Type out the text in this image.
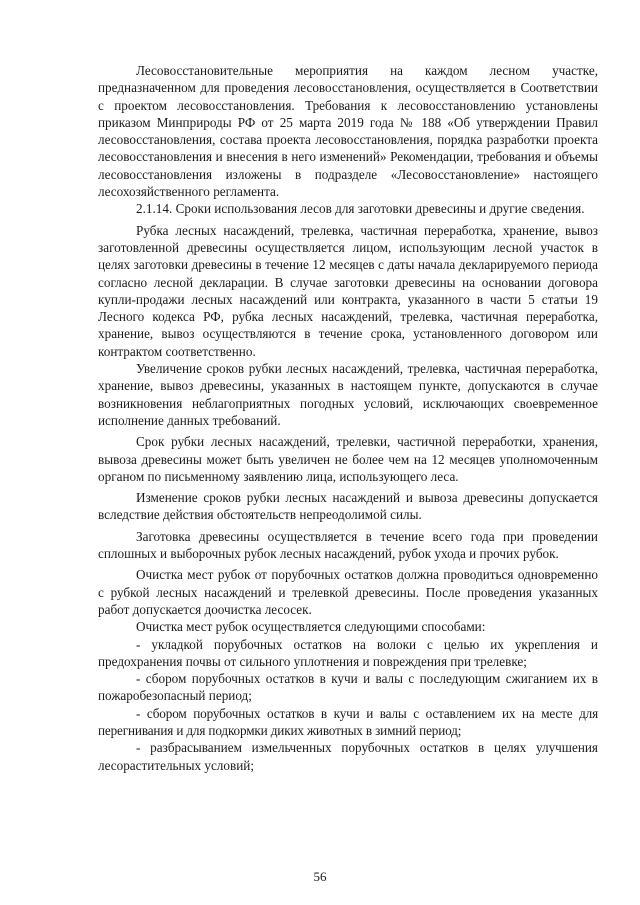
Лесовосстановительные мероприятия на каждом лесном участке, предназначенном для проведения лесовосстановления, осуществляется в Соответствии с проектом лесовосстановления. Требования к лесовосстановлению установлены приказом Минприроды РФ от 25 марта 2019 года № 188 «Об утверждении Правил лесовосстановления, состава проекта лесовосстановления, порядка разработки проекта лесовосстановления и внесения в него изменений» Рекомендации, требования и объемы лесовосстановления изложены в подразделе «Лесовосстановление» настоящего лесохозяйственного регламента.

2.1.14. Сроки использования лесов для заготовки древесины и другие сведения.

Рубка лесных насаждений, трелевка, частичная переработка, хранение, вывоз заготовленной древесины осуществляется лицом, использующим лесной участок в целях заготовки древесины в течение 12 месяцев с даты начала декларируемого периода согласно лесной декларации. В случае заготовки древесины на основании договора купли-продажи лесных насаждений или контракта, указанного в части 5 статьи 19 Лесного кодекса РФ, рубка лесных насаждений, трелевка, частичная переработка, хранение, вывоз осуществляются в течение срока, установленного договором или контрактом соответственно.

Увеличение сроков рубки лесных насаждений, трелевка, частичная переработка, хранение, вывоз древесины, указанных в настоящем пункте, допускаются в случае возникновения неблагоприятных погодных условий, исключающих своевременное исполнение данных требований.

Срок рубки лесных насаждений, трелевки, частичной переработки, хранения, вывоза древесины может быть увеличен не более чем на 12 месяцев уполномоченным органом по письменному заявлению лица, использующего леса.

Изменение сроков рубки лесных насаждений и вывоза древесины допускается вследствие действия обстоятельств непреодолимой силы.

Заготовка древесины осуществляется в течение всего года при проведении сплошных и выборочных рубок лесных насаждений, рубок ухода и прочих рубок.

Очистка мест рубок от порубочных остатков должна проводиться одновременно с рубкой лесных насаждений и трелевкой древесины. После проведения указанных работ допускается доочистка лесосек.

Очистка мест рубок осуществляется следующими способами:

- укладкой порубочных остатков на волоки с целью их укрепления и предохранения почвы от сильного уплотнения и повреждения при трелевке;

- сбором порубочных остатков в кучи и валы с последующим сжиганием их в пожаробезопасный период;

- сбором порубочных остатков в кучи и валы с оставлением их на месте для перегнивания и для подкормки диких животных в зимний период;

- разбрасыванием измельченных порубочных остатков в целях улучшения лесорастительных условий;

56
